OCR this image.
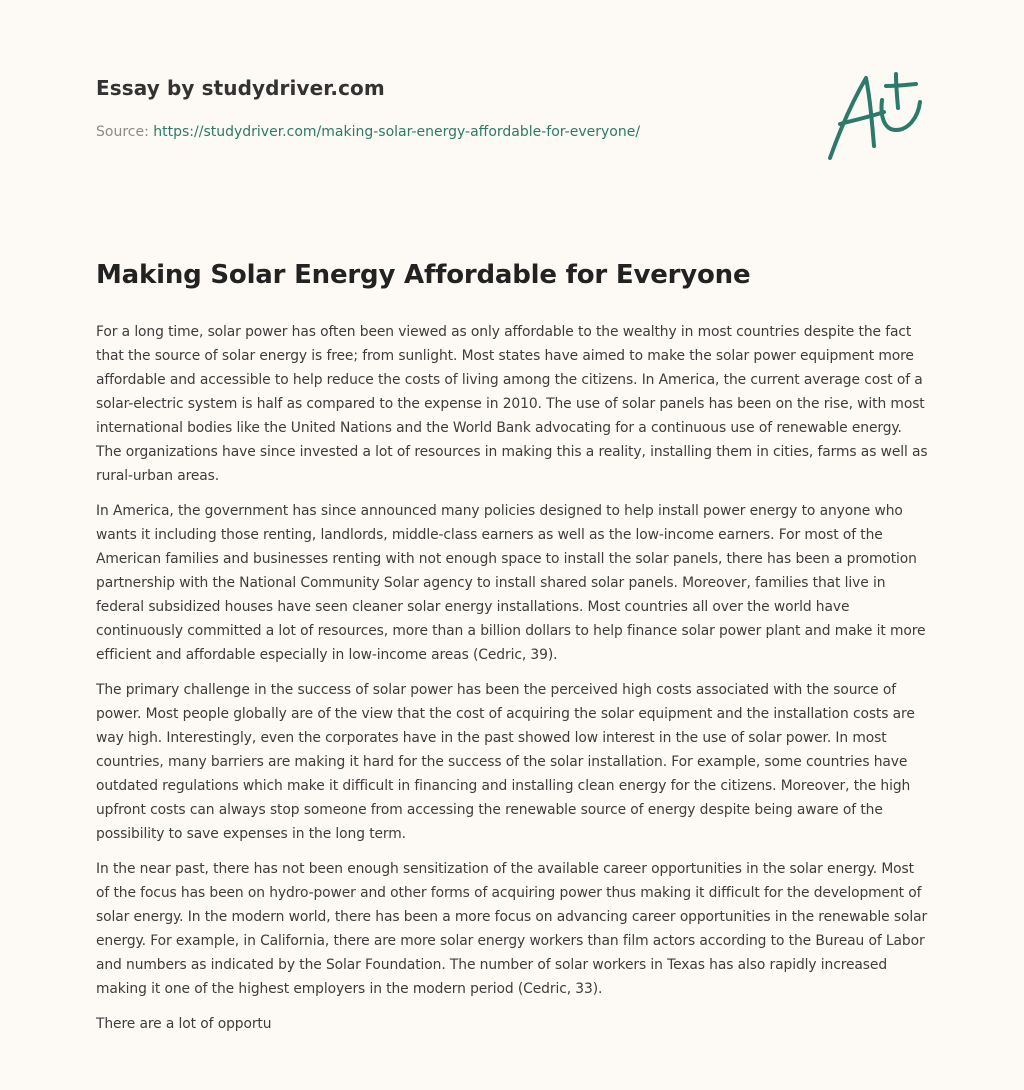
Essay by studydriver.com
Source: https://studydriver.com/making-solar-energy-affordable-for-everyone/
Making Solar Energy Affordable for Everyone

For a long time, solar power has often been viewed as only affordable to the wealthy in most countries despite the fact that the source of solar energy is free; from sunlight. Most states have aimed to make the solar power equipment more affordable and accessible to help reduce the costs of living among the citizens. In America, the current average cost of a solar-electric system is half as compared to the expense in 2010. The use of solar panels has been on the rise, with most international bodies like the United Nations and the World Bank advocating for a continuous use of renewable energy. The organizations have since invested a lot of resources in making this a reality, installing them in cities, farms as well as rural-urban areas.

In America, the government has since announced many policies designed to help install power energy to anyone who wants it including those renting, landlords, middle-class earners as well as the low-income earners. For most of the American families and businesses renting with not enough space to install the solar panels, there has been a promotion partnership with the National Community Solar agency to install shared solar panels. Moreover, families that live in federal subsidized houses have seen cleaner solar energy installations. Most countries all over the world have continuously committed a lot of resources, more than a billion dollars to help finance solar power plant and make it more efficient and affordable especially in low-income areas (Cedric, 39).

The primary challenge in the success of solar power has been the perceived high costs associated with the source of power. Most people globally are of the view that the cost of acquiring the solar equipment and the installation costs are way high. Interestingly, even the corporates have in the past showed low interest in the use of solar power. In most countries, many barriers are making it hard for the success of the solar installation. For example, some countries have outdated regulations which make it difficult in financing and installing clean energy for the citizens. Moreover, the high upfront costs can always stop someone from accessing the renewable source of energy despite being aware of the possibility to save expenses in the long term.

In the near past, there has not been enough sensitization of the available career opportunities in the solar energy. Most of the focus has been on hydro-power and other forms of acquiring power thus making it difficult for the development of solar energy. In the modern world, there has been a more focus on advancing career opportunities in the renewable solar energy. For example, in California, there are more solar energy workers than film actors according to the Bureau of Labor and numbers as indicated by the Solar Foundation. The number of solar workers in Texas has also rapidly increased making it one of the highest employers in the modern period (Cedric, 33).

There are a lot of opportu
